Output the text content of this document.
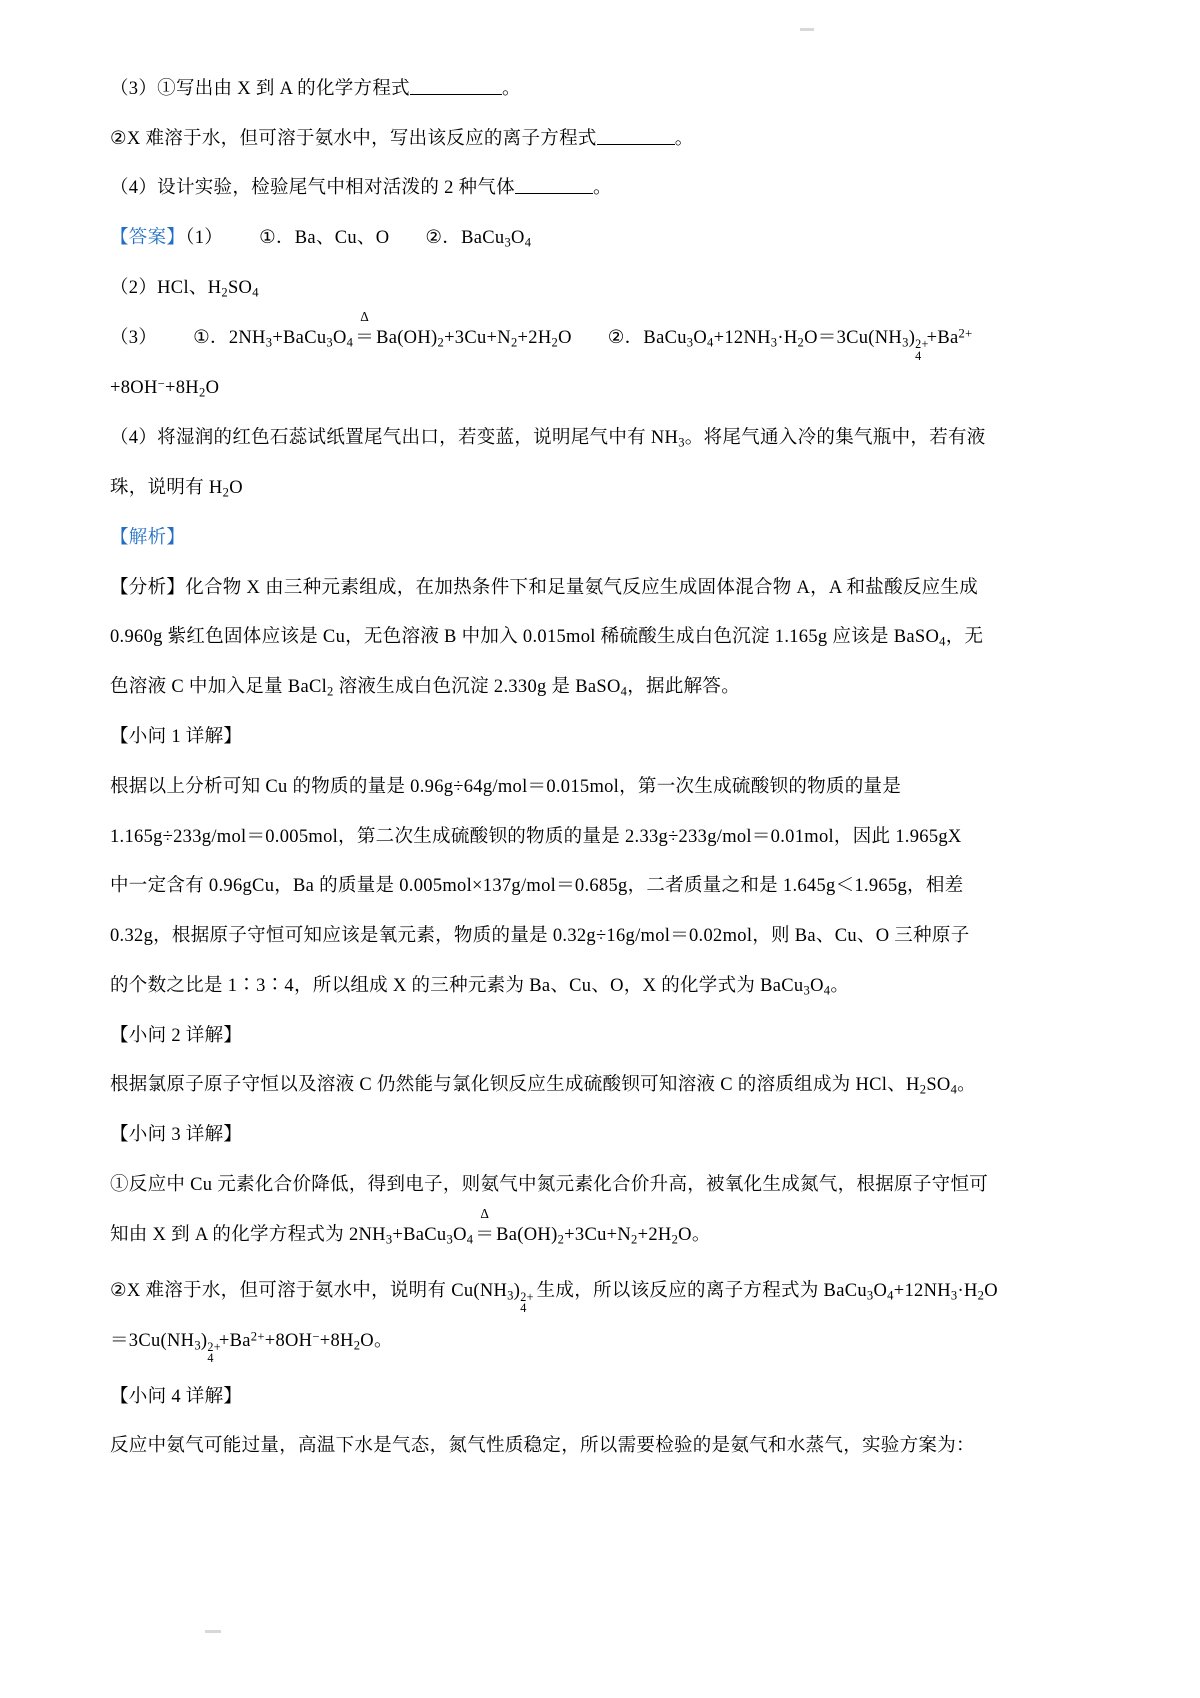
（3）①写出由 X 到 A 的化学方程式	。

②X 难溶于水，但可溶于氨水中，写出该反应的离子方程式	。

（4）设计实验，检验尾气中相对活泼的 2 种气体	。

【答案】（1） ①．Ba、Cu、O ②．$BaCu_3O_4$

（2）HCl、$H_2SO_4$

（3） ①．$2NH_3+BaCu_3O_4$
Δ
＝ $Ba(OH)_2+3Cu+N_2+2H_2O$ ②．$BaCu_3O_4+12NH_3\cdot H_2O=3Cu(NH_3)$ 2+
4
$+Ba^{2+}$

$+8OH^-+8H_2O$

（4）将湿润的红色石蕊试纸置尾气出口，若变蓝，说明尾气中有 $NH_3$。将尾气通入冷的集气瓶中，若有液

珠，说明有 $H_2O$

【解析】

【分析】化合物 X 由三种元素组成，在加热条件下和足量氨气反应生成固体混合物 A，A 和盐酸反应生成

0.960g 紫红色固体应该是 Cu，无色溶液 B 中加入 0.015mol 稀硫酸生成白色沉淀 1.165g 应该是 BaSO$_4$，无

色溶液 C 中加入足量 BaCl$_2$ 溶液生成白色沉淀 2.330g 是 BaSO$_4$，据此解答。

【小问 1 详解】

根据以上分析可知 Cu 的物质的量是 0.96g÷64g/mol＝0.015mol，第一次生成硫酸钡的物质的量是

1.165g÷233g/mol＝0.005mol，第二次生成硫酸钡的物质的量是 2.33g÷233g/mol＝0.01mol，因此 1.965gX

中一定含有 0.96gCu，Ba 的质量是 0.005mol×137g/mol＝0.685g，二者质量之和是 1.645g＜1.965g，相差

0.32g，根据原子守恒可知应该是氧元素，物质的量是 0.32g÷16g/mol＝0.02mol，则 Ba、Cu、O 三种原子

的个数之比是 1∶3∶4，所以组成 X 的三种元素为 Ba、Cu、O，X 的化学式为 $BaCu_3O_4$。

【小问 2 详解】

根据氯原子原子守恒以及溶液 C 仍然能与氯化钡反应生成硫酸钡可知溶液 C 的溶质组成为 HCl、$H_2SO_4$。

【小问 3 详解】

①反应中 Cu 元素化合价降低，得到电子，则氨气中氮元素化合价升高，被氧化生成氮气，根据原子守恒可

知由 X 到 A 的化学方程式为 $2NH_3+BaCu_3O_4$
Δ
＝ $Ba(OH)_2+3Cu+N_2+2H_2O$。

②X 难溶于水，但可溶于氨水中，说明有 $Cu(NH_3)$ 2+
4
生成，所以该反应的离子方程式为 $BaCu_3O_4+12NH_3\cdot H_2O$

$=3Cu(NH_3)$ 2+
4
$+Ba^{2+}+8OH^-+8H_2O$。

【小问 4 详解】

反应中氨气可能过量，高温下水是气态，氮气性质稳定，所以需要检验的是氨气和水蒸气，实验方案为：
